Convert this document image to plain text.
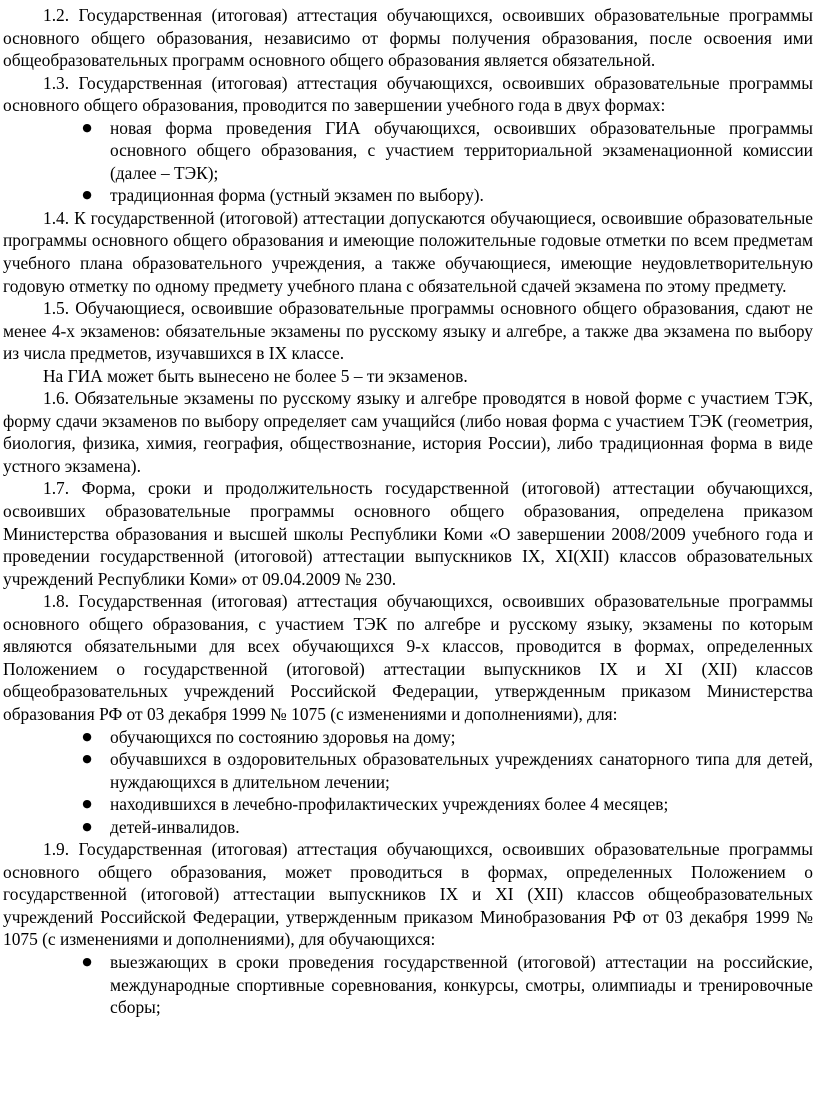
1.2. Государственная (итоговая) аттестация обучающихся, освоивших образовательные программы основного общего образования, независимо от формы получения образования, после освоения ими общеобразовательных программ основного общего образования является обязательной.

1.3. Государственная (итоговая) аттестация обучающихся, освоивших образовательные программы основного общего образования, проводится по завершении учебного года в двух формах:

● новая форма проведения ГИА обучающихся, освоивших образовательные программы основного общего образования, с участием территориальной экзаменационной комиссии (далее – ТЭК);
● традиционная форма (устный экзамен по выбору).

1.4. К государственной (итоговой) аттестации допускаются обучающиеся, освоившие образовательные программы основного общего образования и имеющие положительные годовые отметки по всем предметам учебного плана образовательного учреждения, а также обучающиеся, имеющие неудовлетворительную годовую отметку по одному предмету учебного плана с обязательной сдачей экзамена по этому предмету.

1.5. Обучающиеся, освоившие образовательные программы основного общего образования, сдают не менее 4-х экзаменов: обязательные экзамены по русскому языку и алгебре, а также два экзамена по выбору из числа предметов, изучавшихся в IX классе.

На ГИА может быть вынесено не более 5 – ти экзаменов.

1.6. Обязательные экзамены по русскому языку и алгебре проводятся в новой форме с участием ТЭК, форму сдачи экзаменов по выбору определяет сам учащийся (либо новая форма с участием ТЭК (геометрия, биология, физика, химия, география, обществознание, история России), либо традиционная форма в виде устного экзамена).

1.7. Форма, сроки и продолжительность государственной (итоговой) аттестации обучающихся, освоивших образовательные программы основного общего образования, определена приказом Министерства образования и высшей школы Республики Коми «О завершении 2008/2009 учебного года и проведении государственной (итоговой) аттестации выпускников IX, XI(XII) классов образовательных учреждений Республики Коми» от 09.04.2009 № 230.

1.8. Государственная (итоговая) аттестация обучающихся, освоивших образовательные программы основного общего образования, с участием ТЭК по алгебре и русскому языку, экзамены по которым являются обязательными для всех обучающихся 9-х классов, проводится в формах, определенных Положением о государственной (итоговой) аттестации выпускников IX и XI (XII) классов общеобразовательных учреждений Российской Федерации, утвержденным приказом Министерства образования РФ от 03 декабря 1999 № 1075 (с изменениями и дополнениями), для:

● обучающихся по состоянию здоровья на дому;
● обучавшихся в оздоровительных образовательных учреждениях санаторного типа для детей, нуждающихся в длительном лечении;
● находившихся в лечебно-профилактических учреждениях более 4 месяцев;
● детей-инвалидов.

1.9. Государственная (итоговая) аттестация обучающихся, освоивших образовательные программы основного общего образования, может проводиться в формах, определенных Положением о государственной (итоговой) аттестации выпускников IX и XI (XII) классов общеобразовательных учреждений Российской Федерации, утвержденным приказом Минобразования РФ от 03 декабря 1999 № 1075 (с изменениями и дополнениями), для обучающихся:

● выезжающих в сроки проведения государственной (итоговой) аттестации на российские, международные спортивные соревнования, конкурсы, смотры, олимпиады и тренировочные сборы;
